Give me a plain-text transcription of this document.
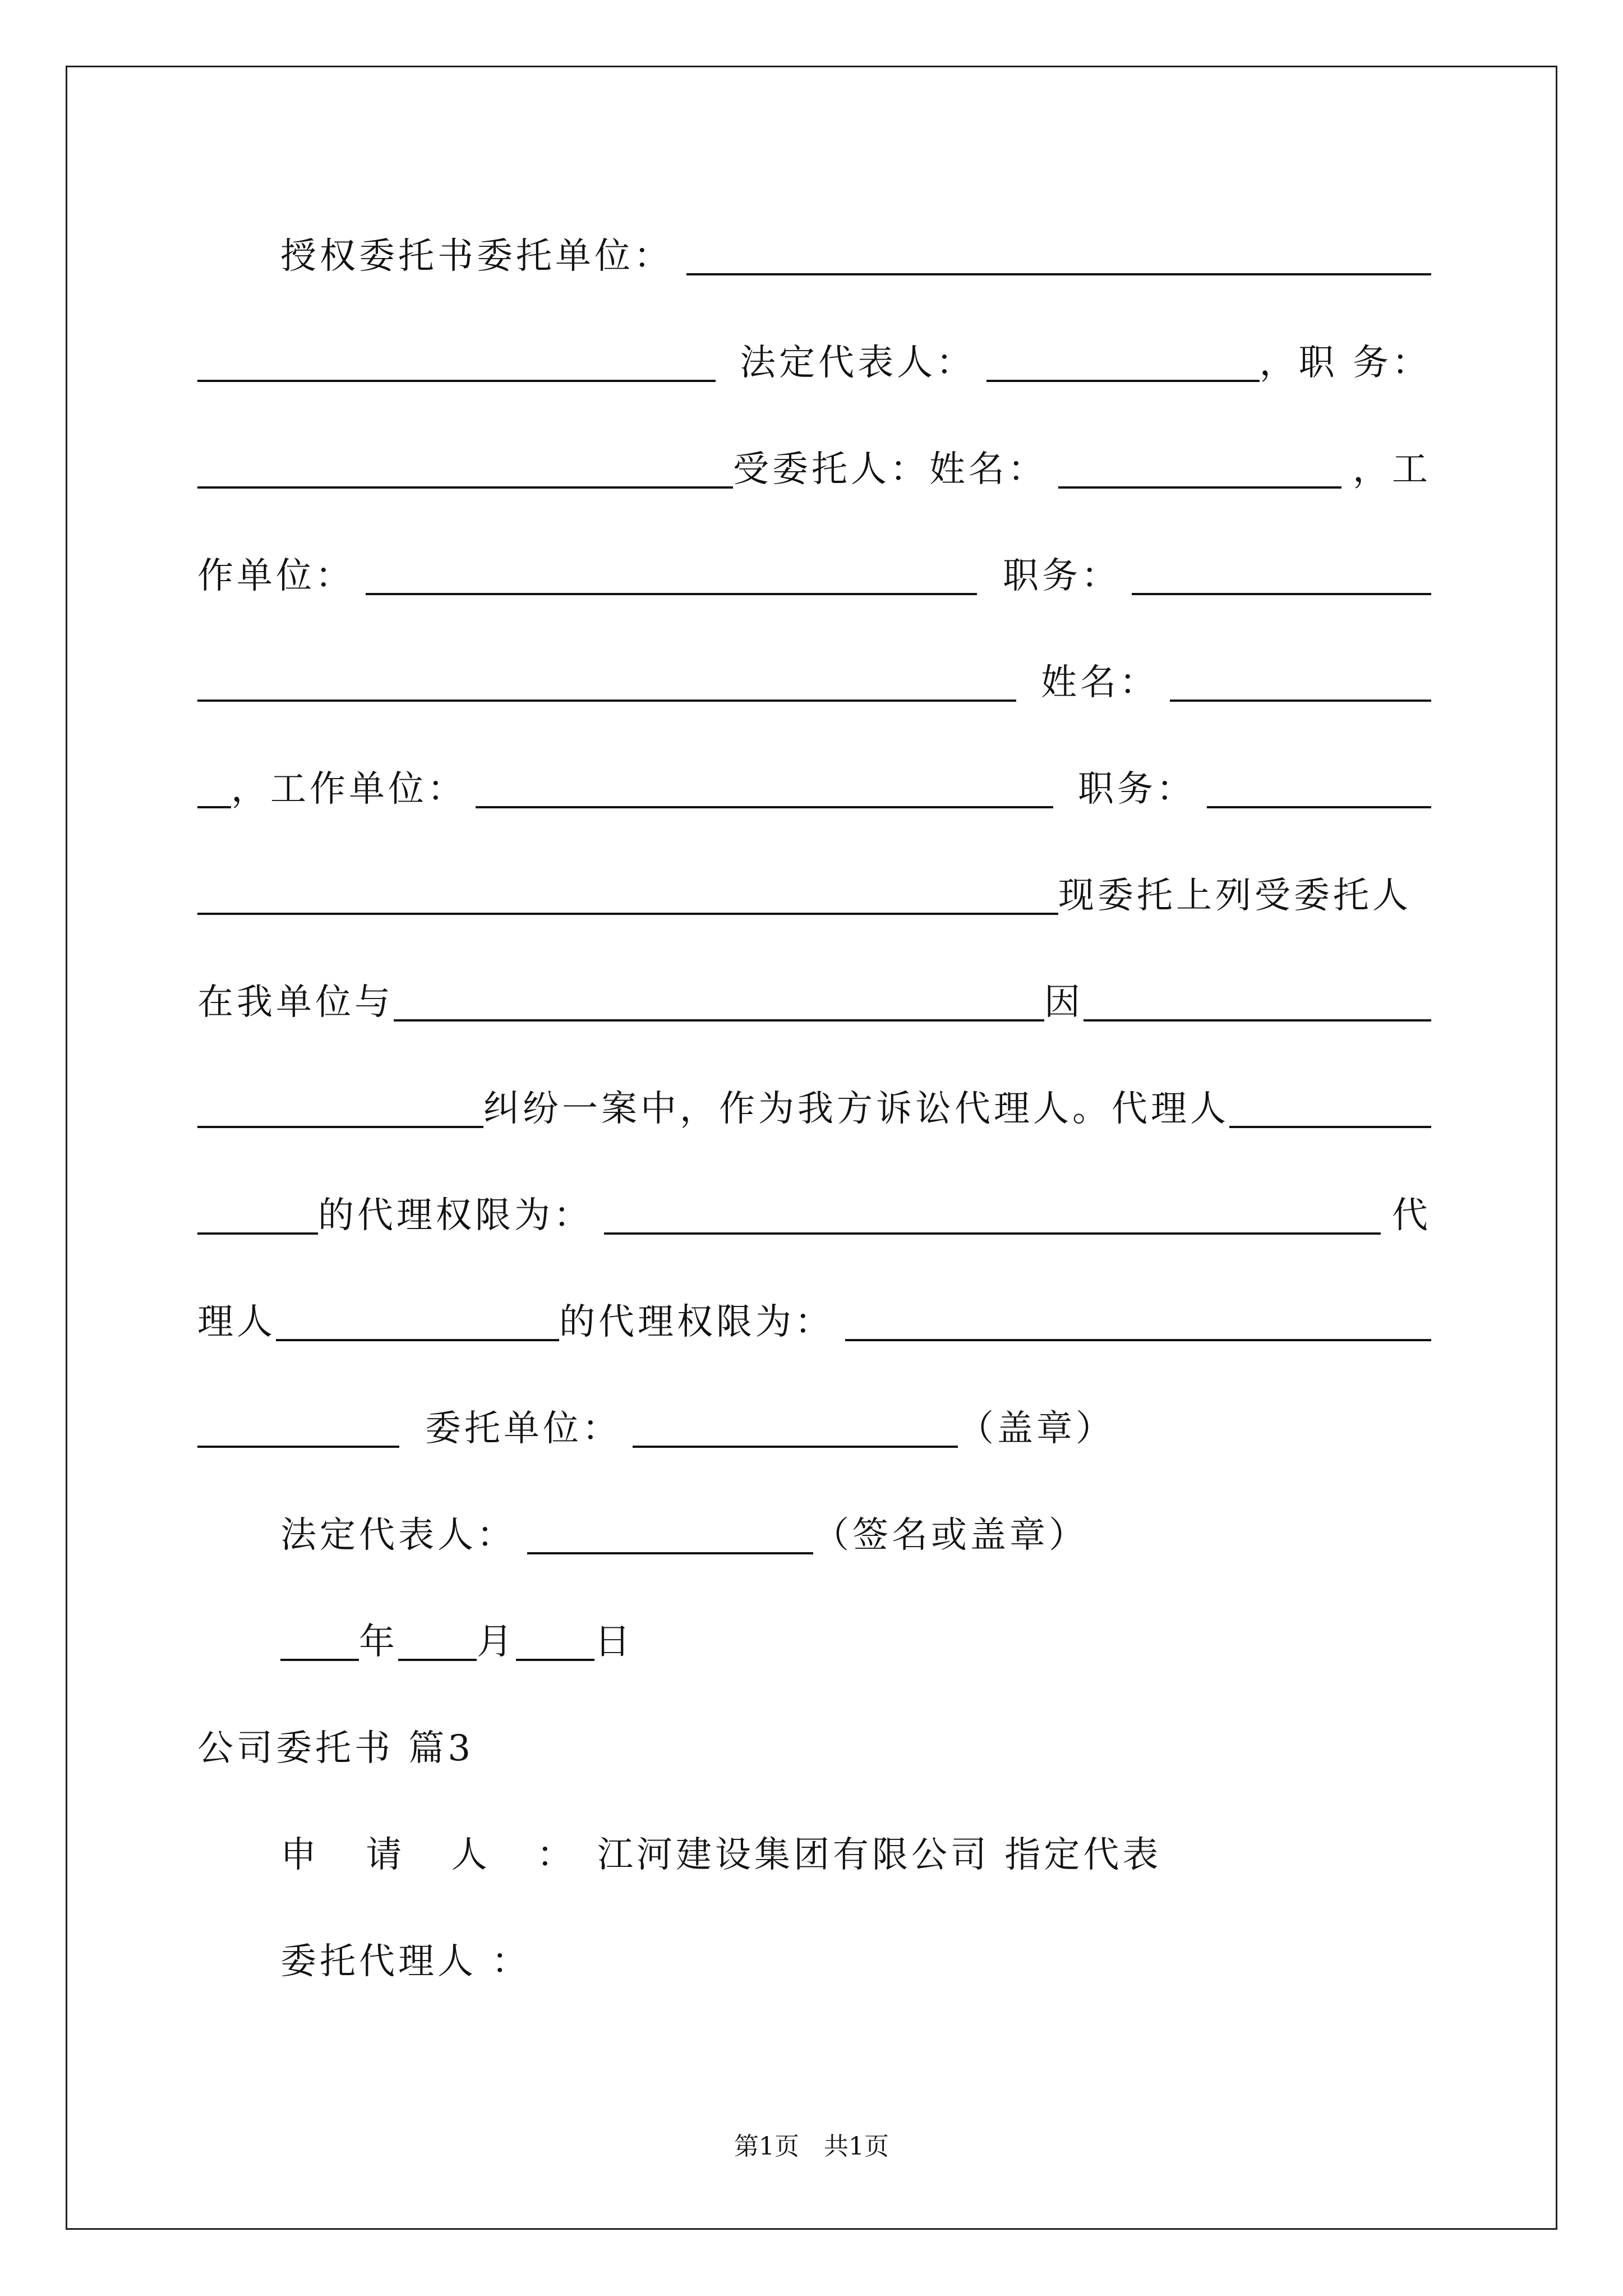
授权委托书委托单位：
法定代表人：	，职 务：
受委托人：姓名：	，工
作单位：	职务：
姓名：
，工作单位：	职务：
现委托上列受委托人
在我单位与	因
纠纷一案中，作为我方诉讼代理人。代理人
的代理权限为：	代
理人	的代理权限为：
委托单位：	（盖章）
法定代表人：	（签名或盖章）
年 月 日
公司委托书 篇3
申 请 人 ： 江河建设集团有限公司 指定代表
委托代理人 ：
第1页　共1页
